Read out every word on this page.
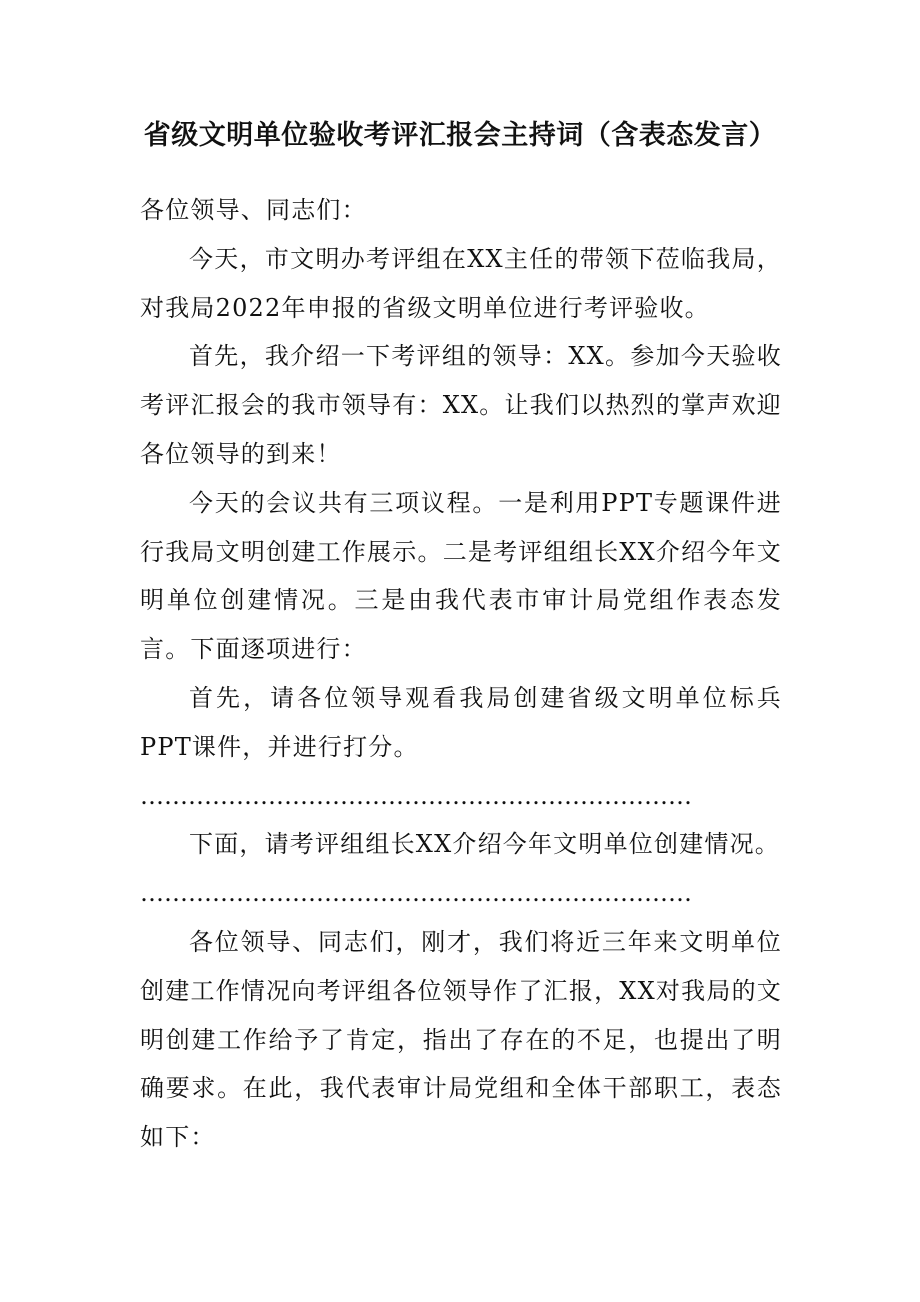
省级文明单位验收考评汇报会主持词（含表态发言）

各位领导、同志们：

今天，市文明办考评组在XX主任的带领下莅临我局，对我局2022年申报的省级文明单位进行考评验收。

首先，我介绍一下考评组的领导：XX。参加今天验收考评汇报会的我市领导有：XX。让我们以热烈的掌声欢迎各位领导的到来！

今天的会议共有三项议程。一是利用PPT专题课件进行我局文明创建工作展示。二是考评组组长XX介绍今年文明单位创建情况。三是由我代表市审计局党组作表态发言。下面逐项进行：

首先，请各位领导观看我局创建省级文明单位标兵PPT课件，并进行打分。

……………………………………………………………

下面，请考评组组长XX介绍今年文明单位创建情况。

……………………………………………………………

各位领导、同志们，刚才，我们将近三年来文明单位创建工作情况向考评组各位领导作了汇报，XX对我局的文明创建工作给予了肯定，指出了存在的不足，也提出了明确要求。在此，我代表审计局党组和全体干部职工，表态如下：
